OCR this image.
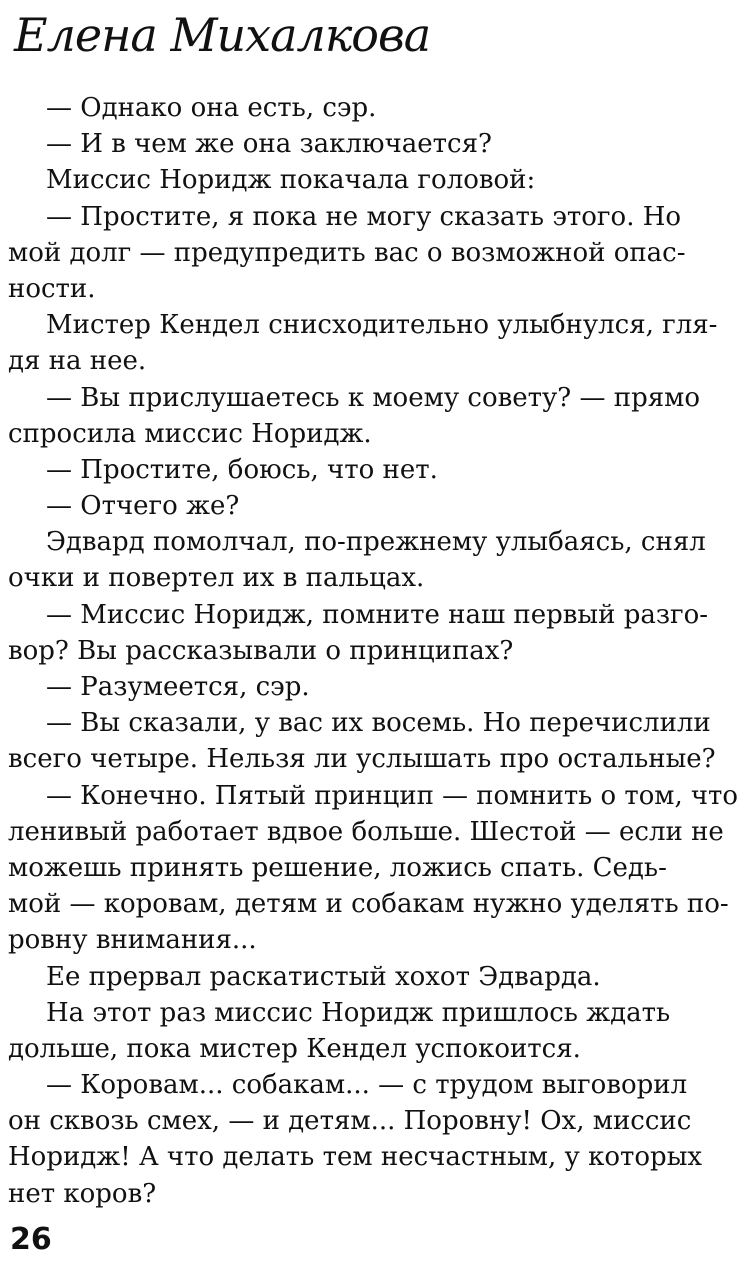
Елена Михалкова
— Однако она есть, сэр.
— И в чем же она заключается?
Миссис Норидж покачала головой:
— Простите, я пока не могу сказать этого. Но
мой долг — предупредить вас о возможной опас-
ности.
Мистер Кендел снисходительно улыбнулся, гля-
дя на нее.
— Вы прислушаетесь к моему совету? — прямо
спросила миссис Норидж.
— Простите, боюсь, что нет.
— Отчего же?
Эдвард помолчал, по-прежнему улыбаясь, снял
очки и повертел их в пальцах.
— Миссис Норидж, помните наш первый разго-
вор? Вы рассказывали о принципах?
— Разумеется, сэр.
— Вы сказали, у вас их восемь. Но перечислили
всего четыре. Нельзя ли услышать про остальные?
— Конечно. Пятый принцип — помнить о том, что
ленивый работает вдвое больше. Шестой — если не
можешь принять решение, ложись спать. Седь-
мой — коровам, детям и собакам нужно уделять по-
ровну внимания...
Ее прервал раскатистый хохот Эдварда.
На этот раз миссис Норидж пришлось ждать
дольше, пока мистер Кендел успокоится.
— Коровам... собакам... — с трудом выговорил
он сквозь смех, — и детям... Поровну! Ох, миссис
Норидж! А что делать тем несчастным, у которых
нет коров?
26
